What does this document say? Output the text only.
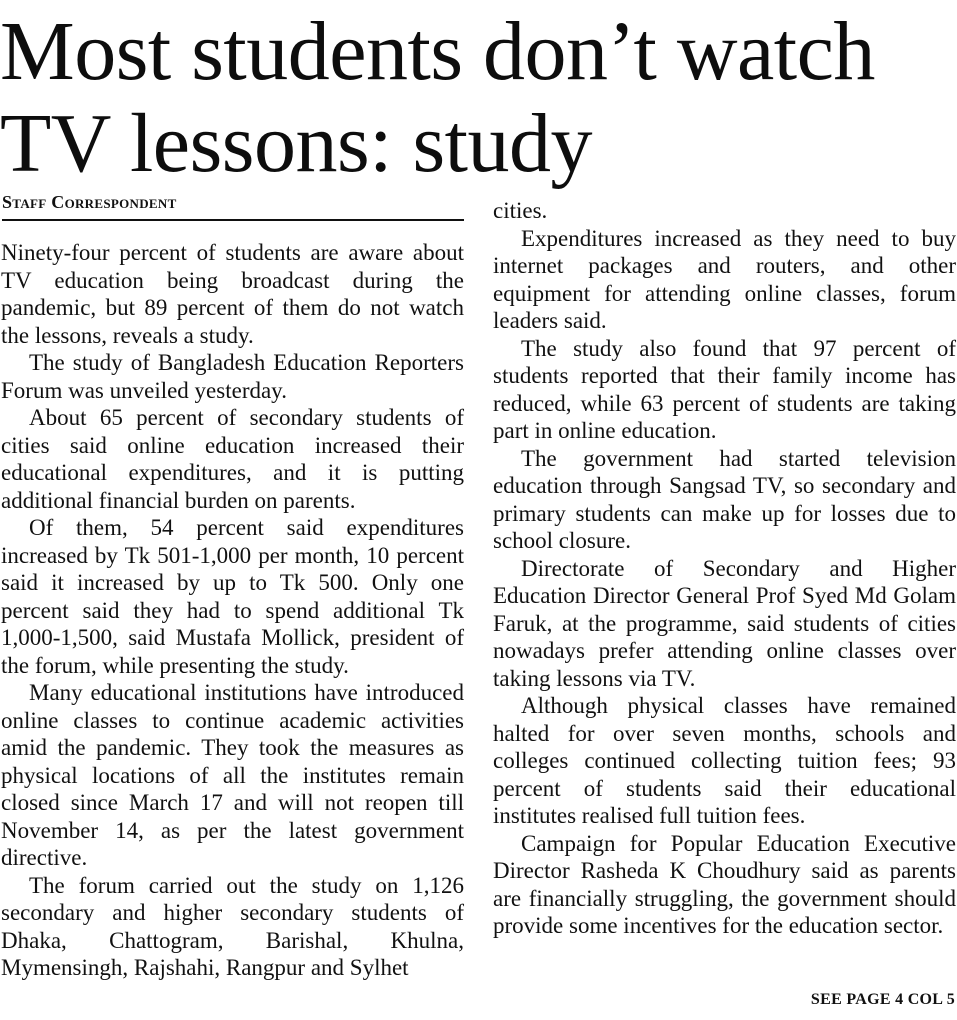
Most students don’t watch
TV lessons: study
Staff Correspondent

Ninety-four percent of students are aware about TV education being broadcast during the pandemic, but 89 percent of them do not watch the lessons, reveals a study.

The study of Bangladesh Education Reporters Forum was unveiled yesterday.

About 65 percent of secondary students of cities said online education increased their educational expenditures, and it is putting additional financial burden on parents.

Of them, 54 percent said expenditures increased by Tk 501-1,000 per month, 10 percent said it increased by up to Tk 500. Only one percent said they had to spend additional Tk 1,000-1,500, said Mustafa Mollick, president of the forum, while presenting the study.

Many educational institutions have introduced online classes to continue academic activities amid the pandemic. They took the measures as physical locations of all the institutes remain closed since March 17 and will not reopen till November 14, as per the latest government directive.

The forum carried out the study on 1,126 secondary and higher secondary students of Dhaka, Chattogram, Barishal, Khulna, Mymensingh, Rajshahi, Rangpur and Sylhet

cities.

Expenditures increased as they need to buy internet packages and routers, and other equipment for attending online classes, forum leaders said.

The study also found that 97 percent of students reported that their family income has reduced, while 63 percent of students are taking part in online education.

The government had started television education through Sangsad TV, so secondary and primary students can make up for losses due to school closure.

Directorate of Secondary and Higher Education Director General Prof Syed Md Golam Faruk, at the programme, said students of cities nowadays prefer attending online classes over taking lessons via TV.

Although physical classes have remained halted for over seven months, schools and colleges continued collecting tuition fees; 93 percent of students said their educational institutes realised full tuition fees.

Campaign for Popular Education Executive Director Rasheda K Choudhury said as parents are financially struggling, the government should provide some incentives for the education sector.

SEE PAGE 4 COL 5
